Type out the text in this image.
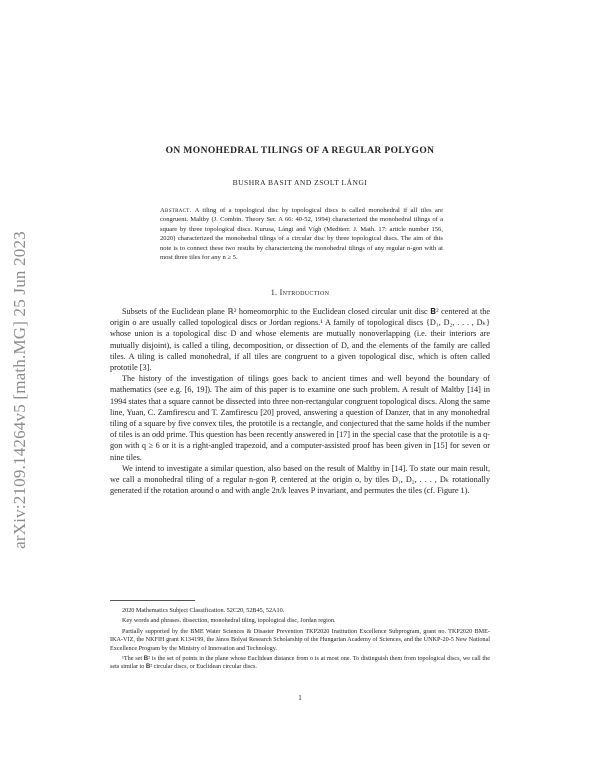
arXiv:2109.14264v5 [math.MG] 25 Jun 2023
ON MONOHEDRAL TILINGS OF A REGULAR POLYGON
BUSHRA BASIT AND ZSOLT LÁNGI
Abstract. A tiling of a topological disc by topological discs is called monohedral if all tiles are congruent. Maltby (J. Combin. Theory Ser. A 66: 40-52, 1994) characterized the monohedral tilings of a square by three topological discs. Kurusa, Lángi and Vígh (Mediterr. J. Math. 17: article number 156, 2020) characterized the monohedral tilings of a circular disc by three topological discs. The aim of this note is to connect these two results by characterizing the monohedral tilings of any regular n-gon with at most three tiles for any n ≥ 5.
1. Introduction

Subsets of the Euclidean plane ℝ² homeomorphic to the Euclidean closed circular unit disc 𝐁² centered at the origin o are usually called topological discs or Jordan regions.¹ A family of topological discs {D₁, D₂, . . . , Dₖ} whose union is a topological disc D and whose elements are mutually nonoverlapping (i.e. their interiors are mutually disjoint), is called a tiling, decomposition, or dissection of D, and the elements of the family are called tiles. A tiling is called monohedral, if all tiles are congruent to a given topological disc, which is often called prototile [3].

The history of the investigation of tilings goes back to ancient times and well beyond the boundary of mathematics (see e.g. [6, 19]). The aim of this paper is to examine one such problem. A result of Maltby [14] in 1994 states that a square cannot be dissected into three non-rectangular congruent topological discs. Along the same line, Yuan, C. Zamfirescu and T. Zamfirescu [20] proved, answering a question of Danzer, that in any monohedral tiling of a square by five convex tiles, the prototile is a rectangle, and conjectured that the same holds if the number of tiles is an odd prime. This question has been recently answered in [17] in the special case that the prototile is a q-gon with q ≥ 6 or it is a right-angled trapezoid, and a computer-assisted proof has been given in [15] for seven or nine tiles.

We intend to investigate a similar question, also based on the result of Maltby in [14]. To state our main result, we call a monohedral tiling of a regular n-gon P, centered at the origin o, by tiles D₁, D₂, . . . , Dₖ rotationally generated if the rotation around o and with angle 2π/k leaves P invariant, and permutes the tiles (cf. Figure 1).

2020 Mathematics Subject Classification. 52C20, 52B45, 52A10.

Key words and phrases. dissection, monohedral tiling, topological disc, Jordan region.

Partially supported by the BME Water Sciences & Disaster Prevention TKP2020 Institution Excellence Subprogram, grant no. TKP2020 BME-IKA-VIZ, the NKFIH grant K134199, the János Bolyai Research Scholarship of the Hungarian Academy of Sciences, and the ÚNKP-20-5 New National Excellence Program by the Ministry of Innovation and Technology.

¹The set 𝐁² is the set of points in the plane whose Euclidean distance from o is at most one. To distinguish them from topological discs, we call the sets similar to 𝐁² circular discs, or Euclidean circular discs.

1
